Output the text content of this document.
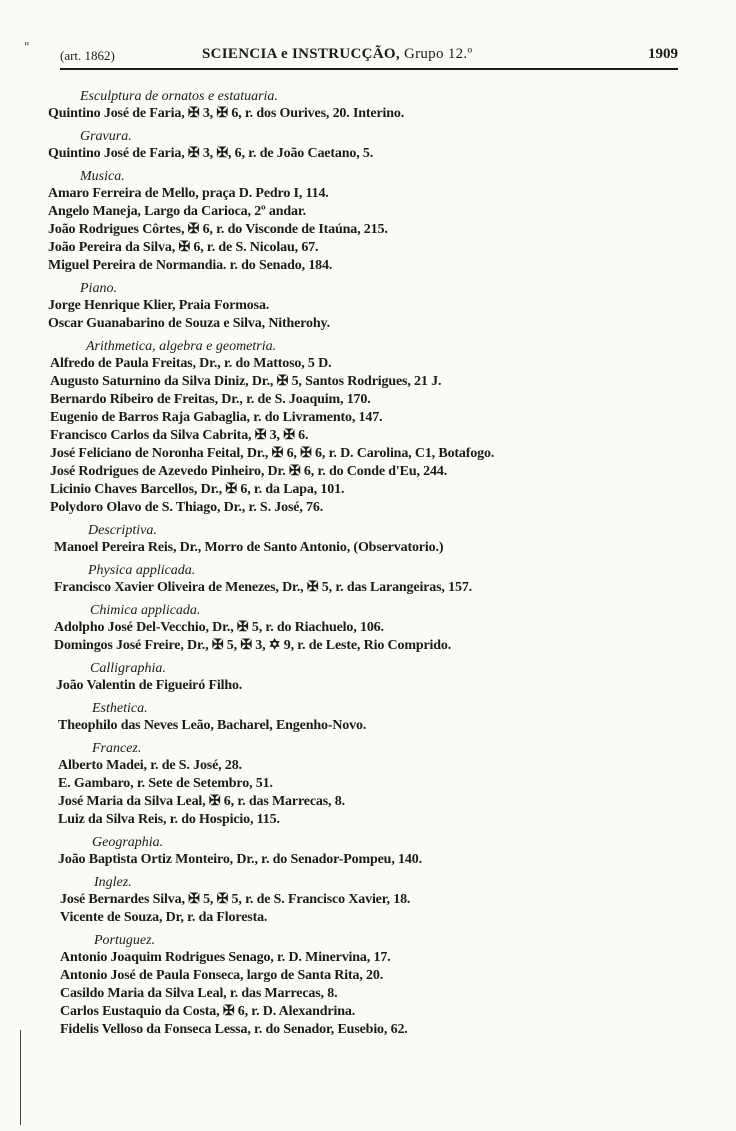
"
(art. 1862)	SCIENCIA e INSTRUCÇÃO, Grupo 12.º	1909
Esculptura de ornatos e estatuaria.
Quintino José de Faria, ✠ 3, ✠ 6, r. dos Ourives, 20. Interino.
Gravura.
Quintino José de Faria, ✠ 3, ✠, 6, r. de João Caetano, 5.
Musica.
Amaro Ferreira de Mello, praça D. Pedro I, 114.
Angelo Maneja, Largo da Carioca, 2º andar.
João Rodrigues Côrtes, ✠ 6, r. do Visconde de Itaúna, 215.
João Pereira da Silva, ✠ 6, r. de S. Nicolau, 67.
Miguel Pereira de Normandia. r. do Senado, 184.
Piano.
Jorge Henrique Klier, Praia Formosa.
Oscar Guanabarino de Souza e Silva, Nitherohy.
Arithmetica, algebra e geometria.
Alfredo de Paula Freitas, Dr., r. do Mattoso, 5 D.
Augusto Saturnino da Silva Diniz, Dr., ✠ 5, Santos Rodrigues, 21 J.
Bernardo Ribeiro de Freitas, Dr., r. de S. Joaquim, 170.
Eugenio de Barros Raja Gabaglia, r. do Livramento, 147.
Francisco Carlos da Silva Cabrita, ✠ 3, ✠ 6.
José Feliciano de Noronha Feital, Dr., ✠ 6, ✠ 6, r. D. Carolina, C1, Botafogo.
José Rodrigues de Azevedo Pinheiro, Dr. ✠ 6, r. do Conde d'Eu, 244.
Licinio Chaves Barcellos, Dr., ✠ 6, r. da Lapa, 101.
Polydoro Olavo de S. Thiago, Dr., r. S. José, 76.
Descriptiva.
Manoel Pereira Reis, Dr., Morro de Santo Antonio, (Observatorio.)
Physica applicada.
Francisco Xavier Oliveira de Menezes, Dr., ✠ 5, r. das Larangeiras, 157.
Chimica applicada.
Adolpho José Del-Vecchio, Dr., ✠ 5, r. do Riachuelo, 106.
Domingos José Freire, Dr., ✠ 5, ✠ 3, ✡ 9, r. de Leste, Rio Comprido.
Calligraphia.
João Valentin de Figueiró Filho.
Esthetica.
Theophilo das Neves Leão, Bacharel, Engenho-Novo.
Francez.
Alberto Madei, r. de S. José, 28.
E. Gambaro, r. Sete de Setembro, 51.
José Maria da Silva Leal, ✠ 6, r. das Marrecas, 8.
Luiz da Silva Reis, r. do Hospicio, 115.
Geographia.
João Baptista Ortiz Monteiro, Dr., r. do Senador-Pompeu, 140.
Inglez.
José Bernardes Silva, ✠ 5, ✠ 5, r. de S. Francisco Xavier, 18.
Vicente de Souza, Dr, r. da Floresta.
Portuguez.
Antonio Joaquim Rodrigues Senago, r. D. Minervina, 17.
Antonio José de Paula Fonseca, largo de Santa Rita, 20.
Casildo Maria da Silva Leal, r. das Marrecas, 8.
Carlos Eustaquio da Costa, ✠ 6, r. D. Alexandrina.
Fidelis Velloso da Fonseca Lessa, r. do Senador, Eusebio, 62.
